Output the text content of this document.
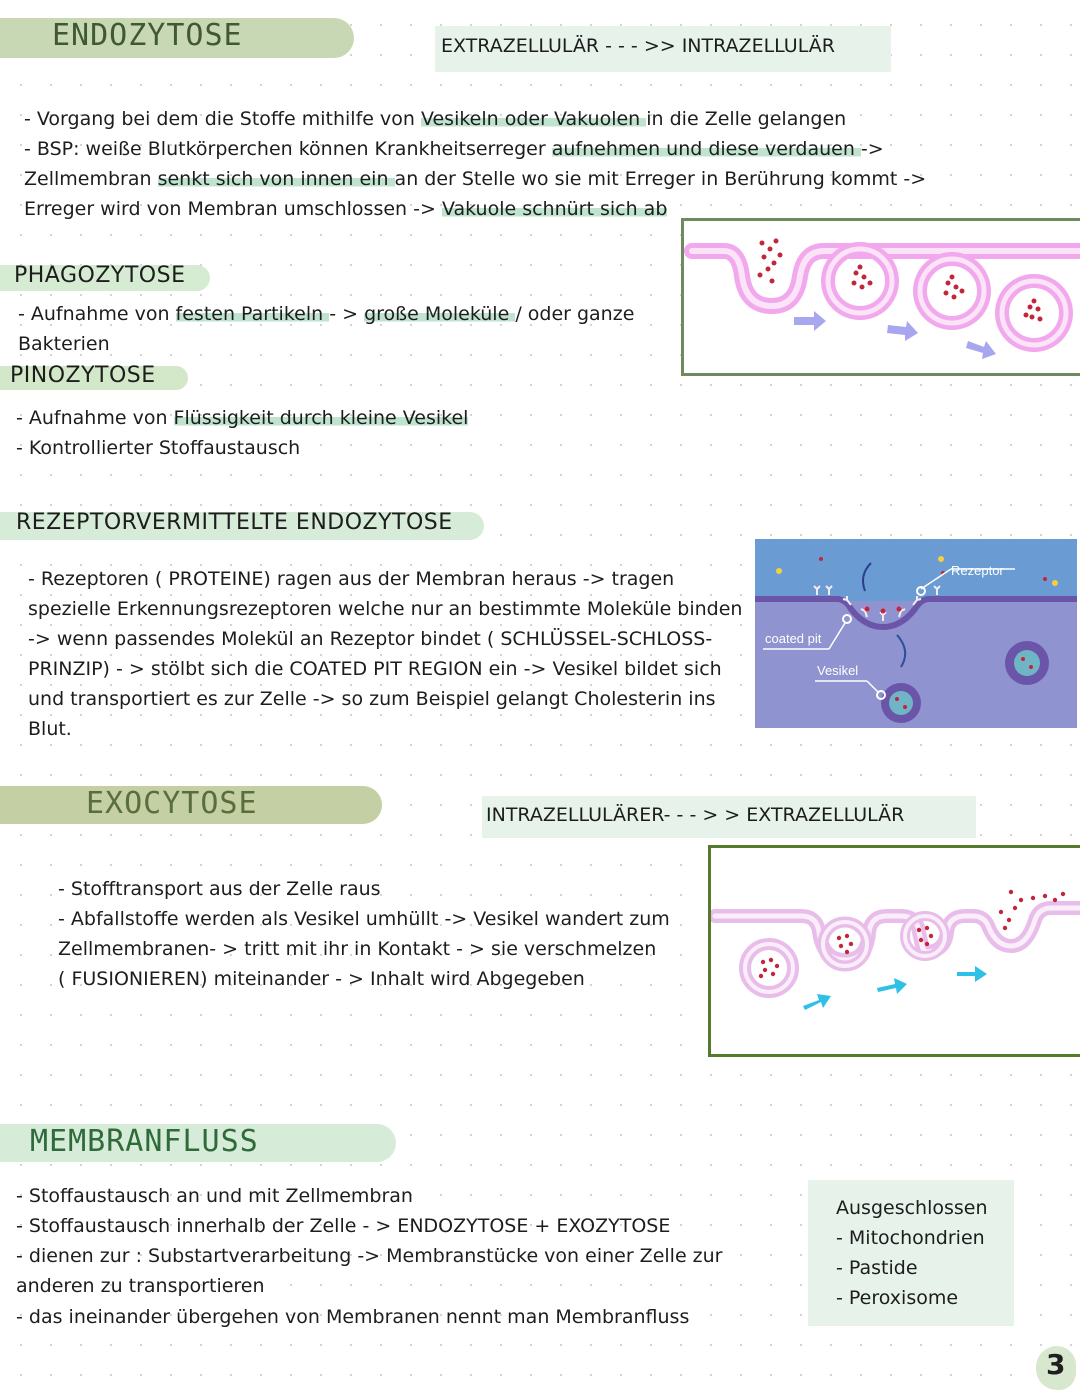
ENDOZYTOSE	EXTRAZELLULÄR - - - >> INTRAZELLULÄR
- Vorgang bei dem die Stoffe mithilfe von Vesikeln oder Vakuolen in die Zelle gelangen
- BSP: weiße Blutkörperchen können Krankheitserreger aufnehmen und diese verdauen ->
Zellmembran senkt sich von innen ein an der Stelle wo sie mit Erreger in Berührung kommt ->
Erreger wird von Membran umschlossen -> Vakuole schnürt sich ab
PHAGOZYTOSE
- Aufnahme von festen Partikeln - > große Moleküle / oder ganze
Bakterien
PINOZYTOSE
- Aufnahme von Flüssigkeit durch kleine Vesikel
- Kontrollierter Stoffaustausch
REZEPTORVERMITTELTE ENDOZYTOSE
- Rezeptoren ( PROTEINE) ragen aus der Membran heraus -> tragen
spezielle Erkennungsrezeptoren welche nur an bestimmte Moleküle binden
-> wenn passendes Molekül an Rezeptor bindet ( SCHLÜSSEL-SCHLOSS-
PRINZIP) - > stölbt sich die COATED PIT REGION ein -> Vesikel bildet sich
und transportiert es zur Zelle -> so zum Beispiel gelangt Cholesterin ins
Blut.
Rezeptor
coated pit
Vesikel
EXOCYTOSE	INTRAZELLULÄRER- - - > > EXTRAZELLULÄR
- Stofftransport aus der Zelle raus
- Abfallstoffe werden als Vesikel umhüllt -> Vesikel wandert zum
Zellmembranen- > tritt mit ihr in Kontakt - > sie verschmelzen
( FUSIONIEREN) miteinander - > Inhalt wird Abgegeben
MEMBRANFLUSS
- Stoffaustausch an und mit Zellmembran
- Stoffaustausch innerhalb der Zelle - > ENDOZYTOSE + EXOZYTOSE
- dienen zur : Substartverarbeitung -> Membranstücke von einer Zelle zur
anderen zu transportieren
- das ineinander übergehen von Membranen nennt man Membranfluss
Ausgeschlossen
- Mitochondrien
- Pastide
- Peroxisome
3
